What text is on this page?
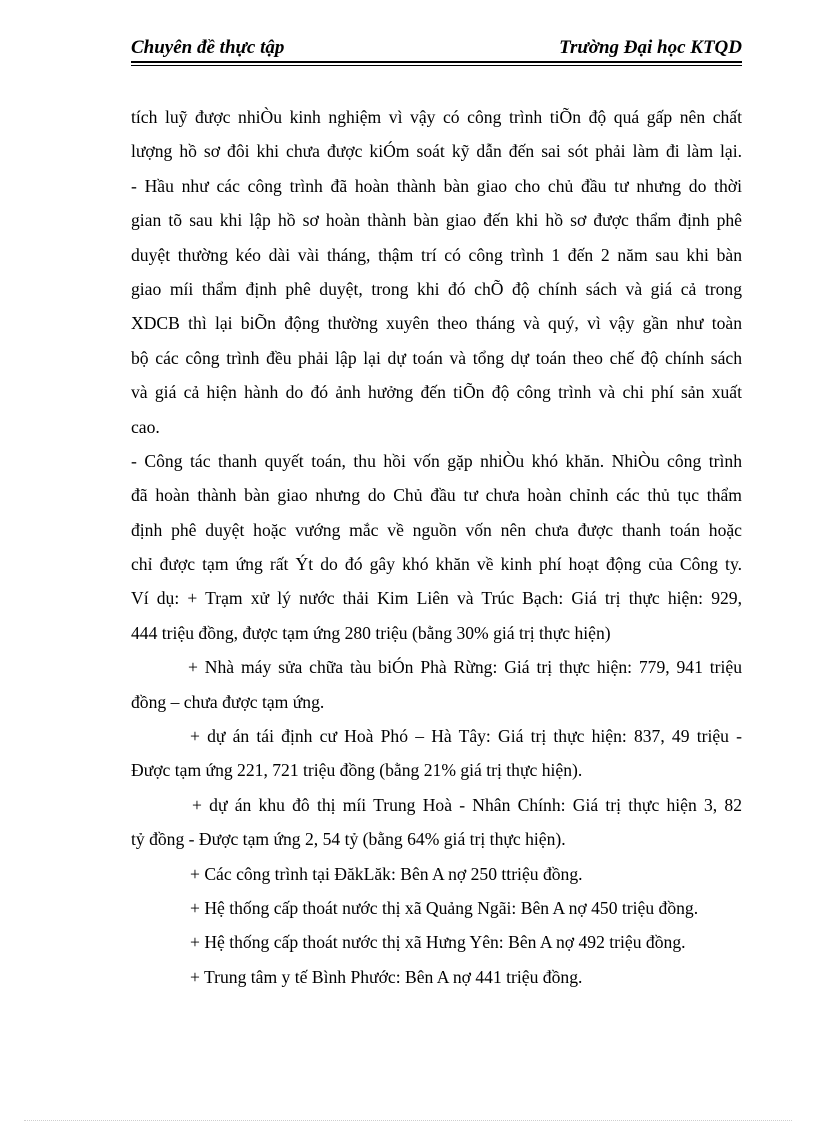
Chuyên đề thực tập	Trường Đại học KTQD
tích luỹ được nhiÒu kinh nghiệm vì vậy có công trình tiÕn độ quá gấp nên chất
lượng hồ sơ đôi khi chưa được kiÓm soát kỹ dẫn đến sai sót phải làm đi làm lại.
- Hầu như các công trình đã hoàn thành bàn giao cho chủ đầu tư nhưng do thời
gian tõ sau khi lập hồ sơ hoàn thành bàn giao đến khi hồ sơ được thẩm định phê
duyệt thường kéo dài vài tháng, thậm trí có công trình 1 đến 2 năm sau khi bàn
giao míi thẩm định phê duyệt, trong khi đó chÕ độ chính sách và giá cả trong
XDCB thì lại biÕn động thường xuyên theo tháng và quý, vì vậy gần như toàn
bộ các công trình đều phải lập lại dự toán và tổng dự toán theo chế độ chính sách
và giá cả hiện hành do đó ảnh hưởng đến tiÕn độ công trình và chi phí sản xuất
cao.
- Công tác thanh quyết toán, thu hồi vốn gặp nhiÒu khó khăn. NhiÒu công trình
đã hoàn thành bàn giao nhưng do Chủ đầu tư chưa hoàn chỉnh các thủ tục thẩm
định phê duyệt hoặc vướng mắc về nguồn vốn nên chưa được thanh toán hoặc
chỉ được tạm ứng rất Ýt do đó gây khó khăn về kinh phí hoạt động của Công ty.
Ví dụ: + Trạm xử lý nước thải Kim Liên và Trúc Bạch: Giá trị thực hiện: 929,
444 triệu đồng, được tạm ứng 280 triệu (bằng 30% giá trị thực hiện)
+ Nhà máy sửa chữa tàu biÓn Phà Rừng: Giá trị thực hiện: 779, 941 triệu
đồng – chưa được tạm ứng.
+ dự án tái định cư Hoà Phó – Hà Tây: Giá trị thực hiện: 837, 49 triệu -
Được tạm ứng 221, 721 triệu đồng (bằng 21% giá trị thực hiện).
+ dự án khu đô thị míi Trung Hoà - Nhân Chính: Giá trị thực hiện 3, 82
tỷ đồng - Được tạm ứng 2, 54 tỷ (bằng 64% giá trị thực hiện).
+ Các công trình tại ĐăkLăk: Bên A nợ 250 ttriệu đồng.
+ Hệ thống cấp thoát nước thị xã Quảng Ngãi: Bên A nợ 450 triệu đồng.
+ Hệ thống cấp thoát nước thị xã Hưng Yên: Bên A nợ 492 triệu đồng.
+ Trung tâm y tế Bình Phước: Bên A nợ 441 triệu đồng.
